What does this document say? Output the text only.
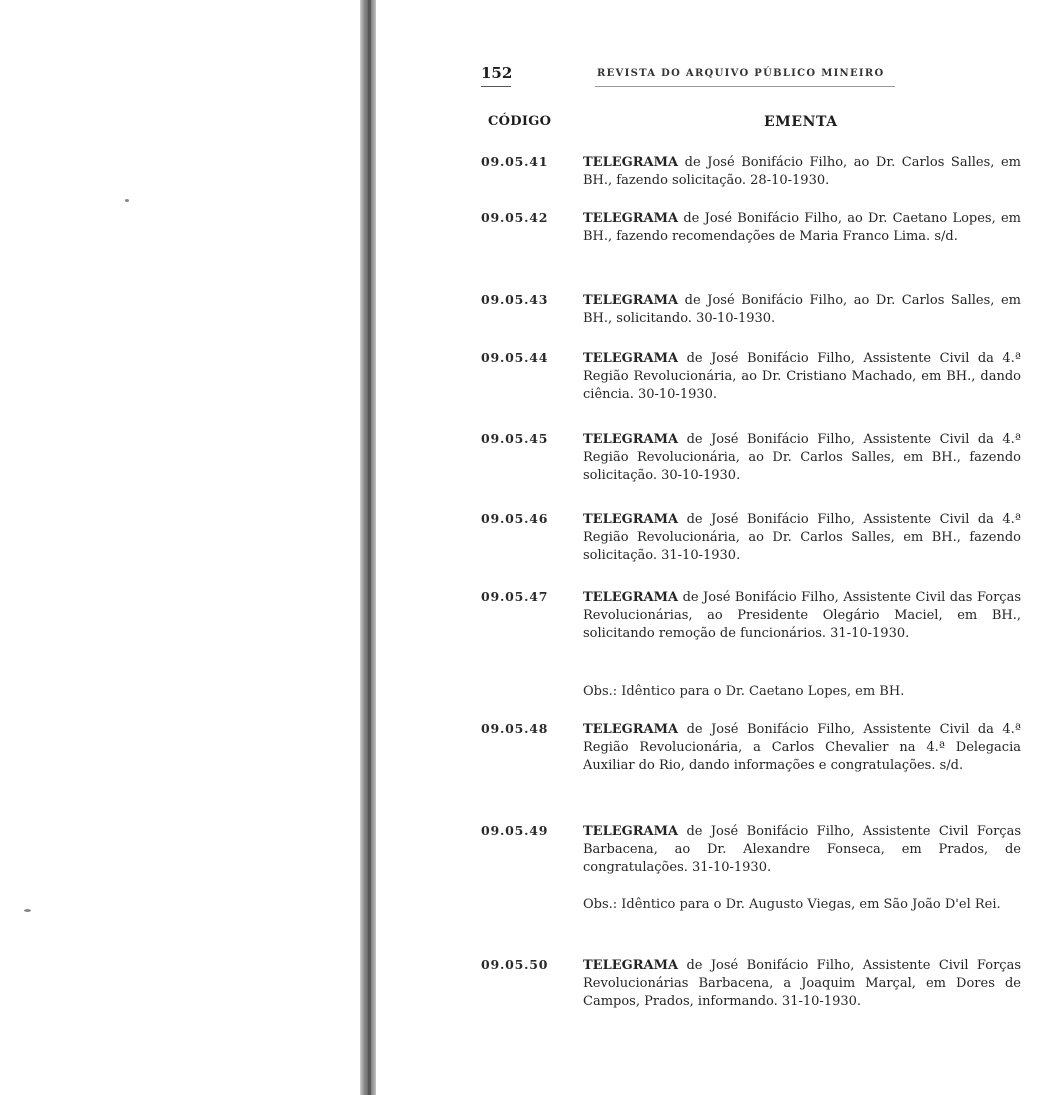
152	REVISTA DO ARQUIVO PÚBLICO MINEIRO
CÓDIGO	EMENTA
09.05.41	TELEGRAMA de José Bonifácio Filho, ao Dr. Carlos Salles, em BH., fazendo solicitação. 28-10-1930.
09.05.42	TELEGRAMA de José Bonifácio Filho, ao Dr. Caetano Lopes, em BH., fazendo recomendações de Maria Franco Lima. s/d.
09.05.43	TELEGRAMA de José Bonifácio Filho, ao Dr. Carlos Salles, em BH., solicitando. 30-10-1930.
09.05.44	TELEGRAMA de José Bonifácio Filho, Assistente Civil da 4.ª Região Revolucionária, ao Dr. Cristiano Machado, em BH., dando ciência. 30-10-1930.
09.05.45	TELEGRAMA de José Bonifácio Filho, Assistente Civil da 4.ª Região Revolucionária, ao Dr. Carlos Salles, em BH., fazendo solicitação. 30-10-1930.
09.05.46	TELEGRAMA de José Bonifácio Filho, Assistente Civil da 4.ª Região Revolucionária, ao Dr. Carlos Salles, em BH., fazendo solicitação. 31-10-1930.
09.05.47	TELEGRAMA de José Bonifácio Filho, Assistente Civil das Forças Revolucionárias, ao Presidente Olegário Maciel, em BH., solicitando remoção de funcionários. 31-10-1930.
Obs.: Idêntico para o Dr. Caetano Lopes, em BH.
09.05.48	TELEGRAMA de José Bonifácio Filho, Assistente Civil da 4.ª Região Revolucionária, a Carlos Chevalier na 4.ª Delegacia Auxiliar do Rio, dando informações e congratulações. s/d.
09.05.49	TELEGRAMA de José Bonifácio Filho, Assistente Civil Forças Barbacena, ao Dr. Alexandre Fonseca, em Prados, de congratulações. 31-10-1930.
Obs.: Idêntico para o Dr. Augusto Viegas, em São João D'el Rei.
09.05.50	TELEGRAMA de José Bonifácio Filho, Assistente Civil Forças Revolucionárias Barbacena, a Joaquim Marçal, em Dores de Campos, Prados, informando. 31-10-1930.
